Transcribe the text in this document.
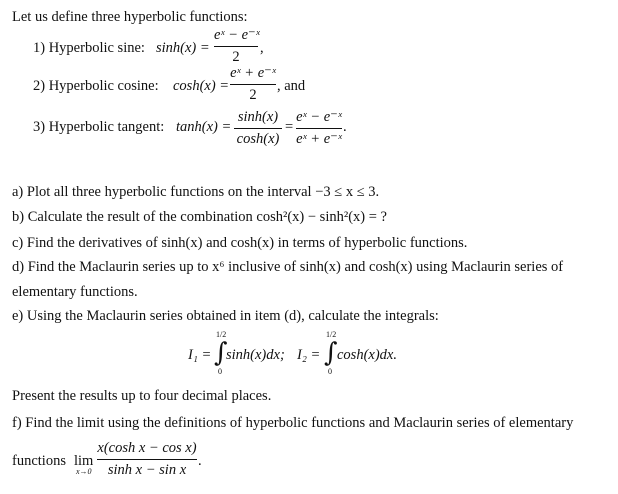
Let us define three hyperbolic functions:
1) Hyperbolic sine: sinh(x) =
eˣ − e⁻ˣ
2
,
2) Hyperbolic cosine: cosh(x) =
eˣ + e⁻ˣ
2
, and
3) Hyperbolic tangent: tanh(x) =
sinh(x)
cosh(x)
=
eˣ − e⁻ˣ
eˣ + e⁻ˣ
.
a) Plot all three hyperbolic functions on the interval −3 ≤ x ≤ 3.
b) Calculate the result of the combination cosh²(x) − sinh²(x) = ?
c) Find the derivatives of sinh(x) and cosh(x) in terms of hyperbolic functions.
d) Find the Maclaurin series up to x⁶ inclusive of sinh(x) and cosh(x) using Maclaurin series of
elementary functions.
e) Using the Maclaurin series obtained in item (d), calculate the integrals:
I₁ =
1/2
∫
0
sinh(x)dx; I₂ =
1/2
∫
0
cosh(x)dx.
Present the results up to four decimal places.
f) Find the limit using the definitions of hyperbolic functions and Maclaurin series of elementary
functions lim
x→0
x(cosh x − cos x)
sinh x − sin x
.
